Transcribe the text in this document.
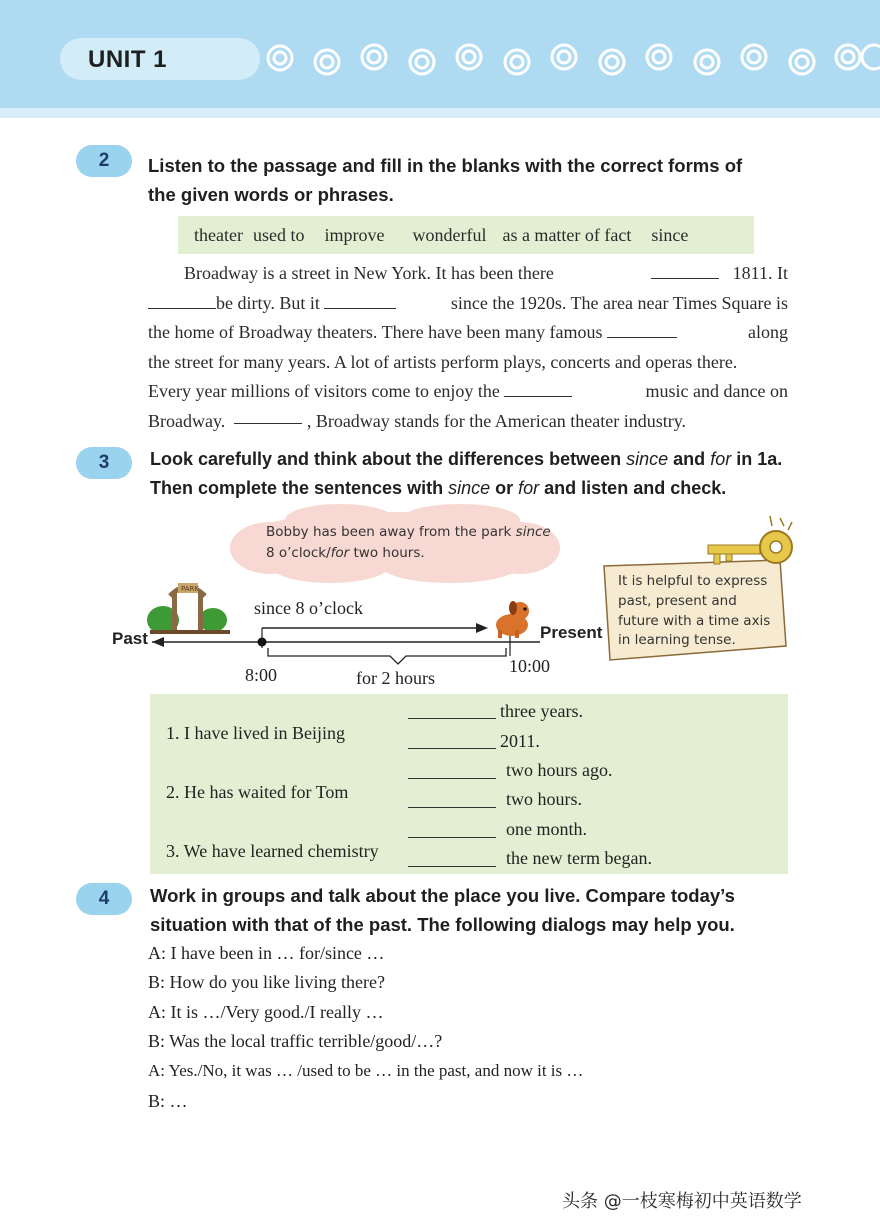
UNIT 1
2	Listen to the passage and fill in the blanks with the correct forms of
the given words or phrases.
theater used to improve wonderful as a matter of fact since
Broadway is a street in New York. It has been there	1811. It
be dirty. But it	since the 1920s. The area near Times Square is
the home of Broadway theaters. There have been many famous	along
the street for many years. A lot of artists perform plays, concerts and operas there.
Every year millions of visitors come to enjoy the	music and dance on
Broadway.

	, Broadway stands for the American theater industry.
3	Look carefully and think about the differences between since and for in 1a.
Then complete the sentences with since or for and listen and check.
PARK
Bobby has been away from the park since
8 o’clock/for two hours.
It is helpful to express past, present and future with a time axis in learning tense.
Past	Present
since 8 o’clock
8:00	10:00
for 2 hours
1. I have lived in Beijing
three years.
2011.
2. He has waited for Tom
two hours ago.
two hours.
3. We have learned chemistry
one month.
the new term began.
4	Work in groups and talk about the place you live. Compare today’s
situation with that of the past. The following dialogs may help you.
A: I have been in … for/since …
B: How do you like living there?
A: It is …/Very good./I really …
B: Was the local traffic terrible/good/…?
A: Yes./No, it was … /used to be … in the past, and now it is …
B: …
头条 @一枝寒梅初中英语数学
